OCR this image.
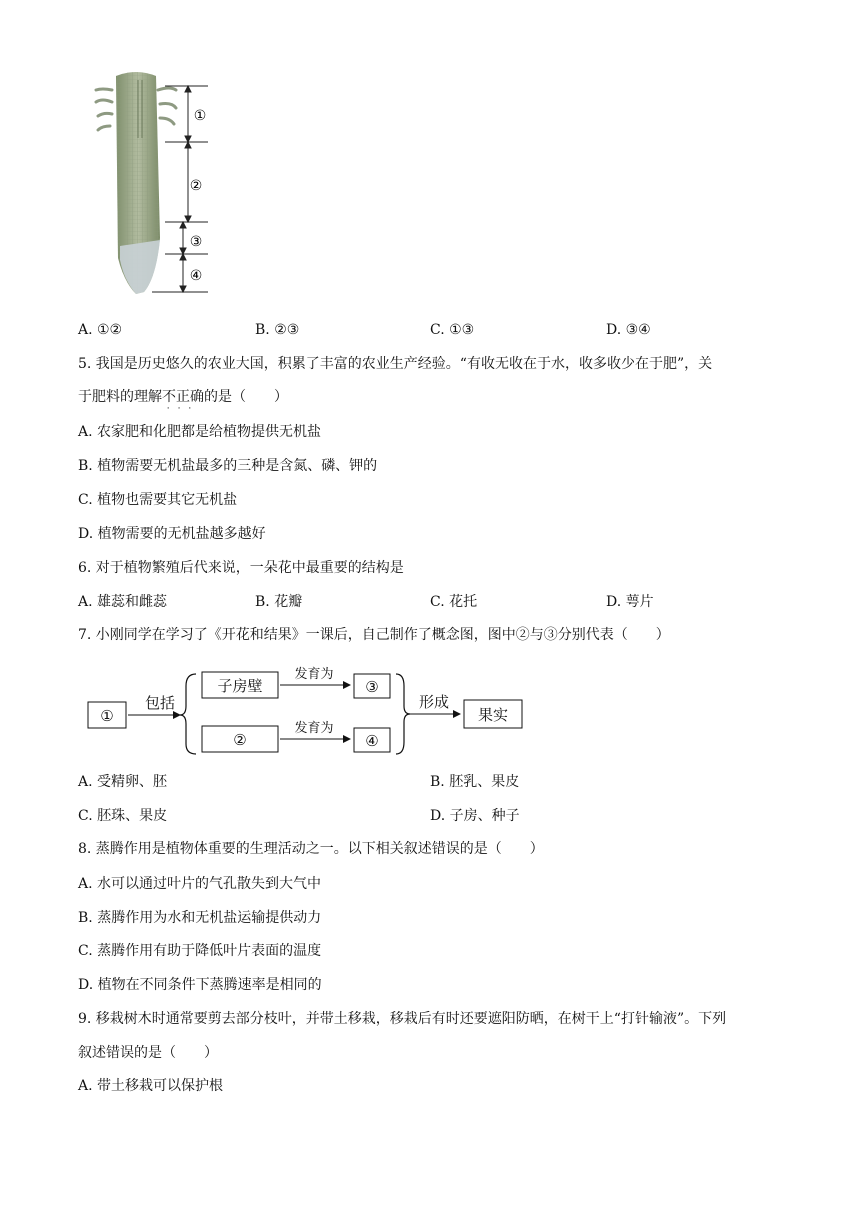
①
②
③
④
A. ①②	B. ②③	C. ①③	D. ③④
5. 我国是历史悠久的农业大国，积累了丰富的农业生产经验。“有收无收在于水，收多收少在于肥”，关
于肥料的理解不正确
···
的是（　　）
A. 农家肥和化肥都是给植物提供无机盐
B. 植物需要无机盐最多的三种是含氮、磷、钾的
C. 植物也需要其它无机盐
D. 植物需要的无机盐越多越好
6. 对于植物繁殖后代来说，一朵花中最重要的结构是
A. 雄蕊和雌蕊	B. 花瓣	C. 花托	D. 萼片
7. 小刚同学在学习了《开花和结果》一课后，自己制作了概念图，图中②与③分别代表（　　）
①
包括
子房壁
②
发育为
发育为
③
④
形成
果实
A. 受精卵、胚	B. 胚乳、果皮
C. 胚珠、果皮	D. 子房、种子
8. 蒸腾作用是植物体重要的生理活动之一。以下相关叙述错误的是（　　）
A. 水可以通过叶片的气孔散失到大气中
B. 蒸腾作用为水和无机盐运输提供动力
C. 蒸腾作用有助于降低叶片表面的温度
D. 植物在不同条件下蒸腾速率是相同的
9. 移栽树木时通常要剪去部分枝叶，并带土移栽，移栽后有时还要遮阳防晒，在树干上“打针输液”。下列
叙述错误的是（　　）
A. 带土移栽可以保护根
